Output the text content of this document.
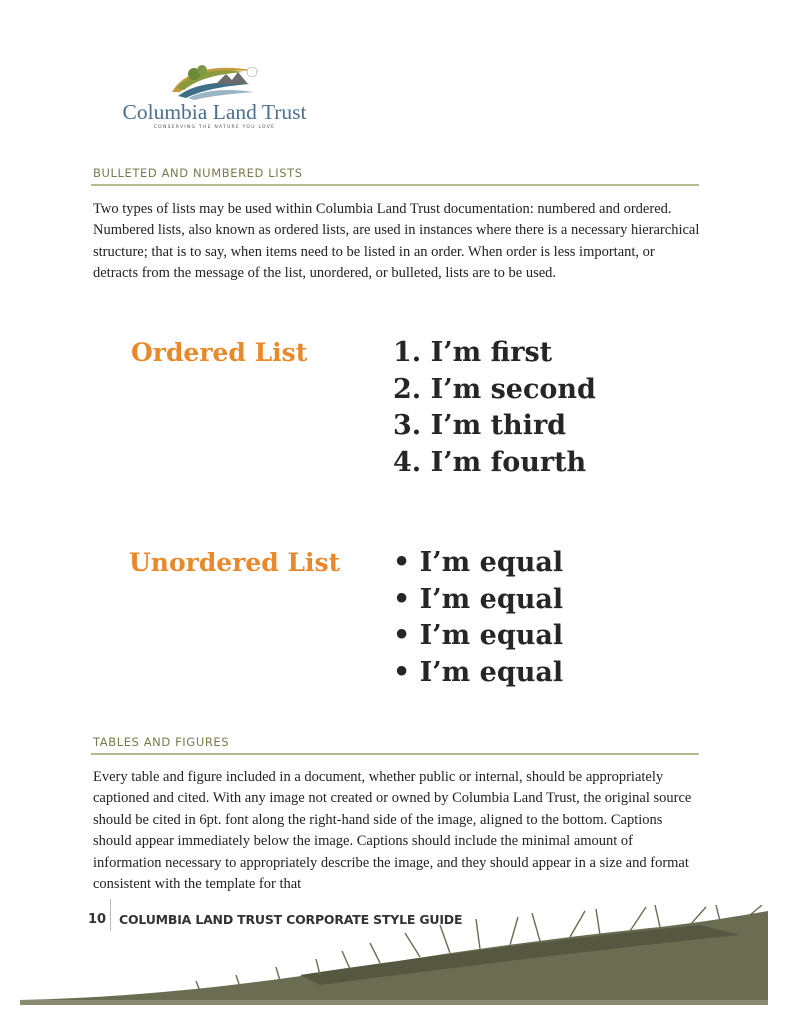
Columbia Land Trust
CONSERVING THE NATURE YOU LOVE
BULLETED AND NUMBERED LISTS

Two types of lists may be used within Columbia Land Trust documentation: numbered and ordered. Numbered lists, also known as ordered lists, are used in instances where there is a necessary hierarchical structure; that is to say, when items need to be listed in an order. When order is less important, or detracts from the message of the list, unordered, or bulleted, lists are to be used.

Ordered List	1. I’m first
2. I’m second
3. I’m third
4. I’m fourth
Unordered List • I’m equal
• I’m equal
• I’m equal
• I’m equal
TABLES AND FIGURES

Every table and figure included in a document, whether public or internal, should be appropriately captioned and cited. With any image not created or owned by Columbia Land Trust, the original source should be cited in 6pt. font along the right-hand side of the image, aligned to the bottom. Captions should appear immediately below the image. Captions should include the minimal amount of information necessary to appropriately describe the image, and they should appear in a size and format consistent with the template for that

10 COLUMBIA LAND TRUST CORPORATE STYLE GUIDE
